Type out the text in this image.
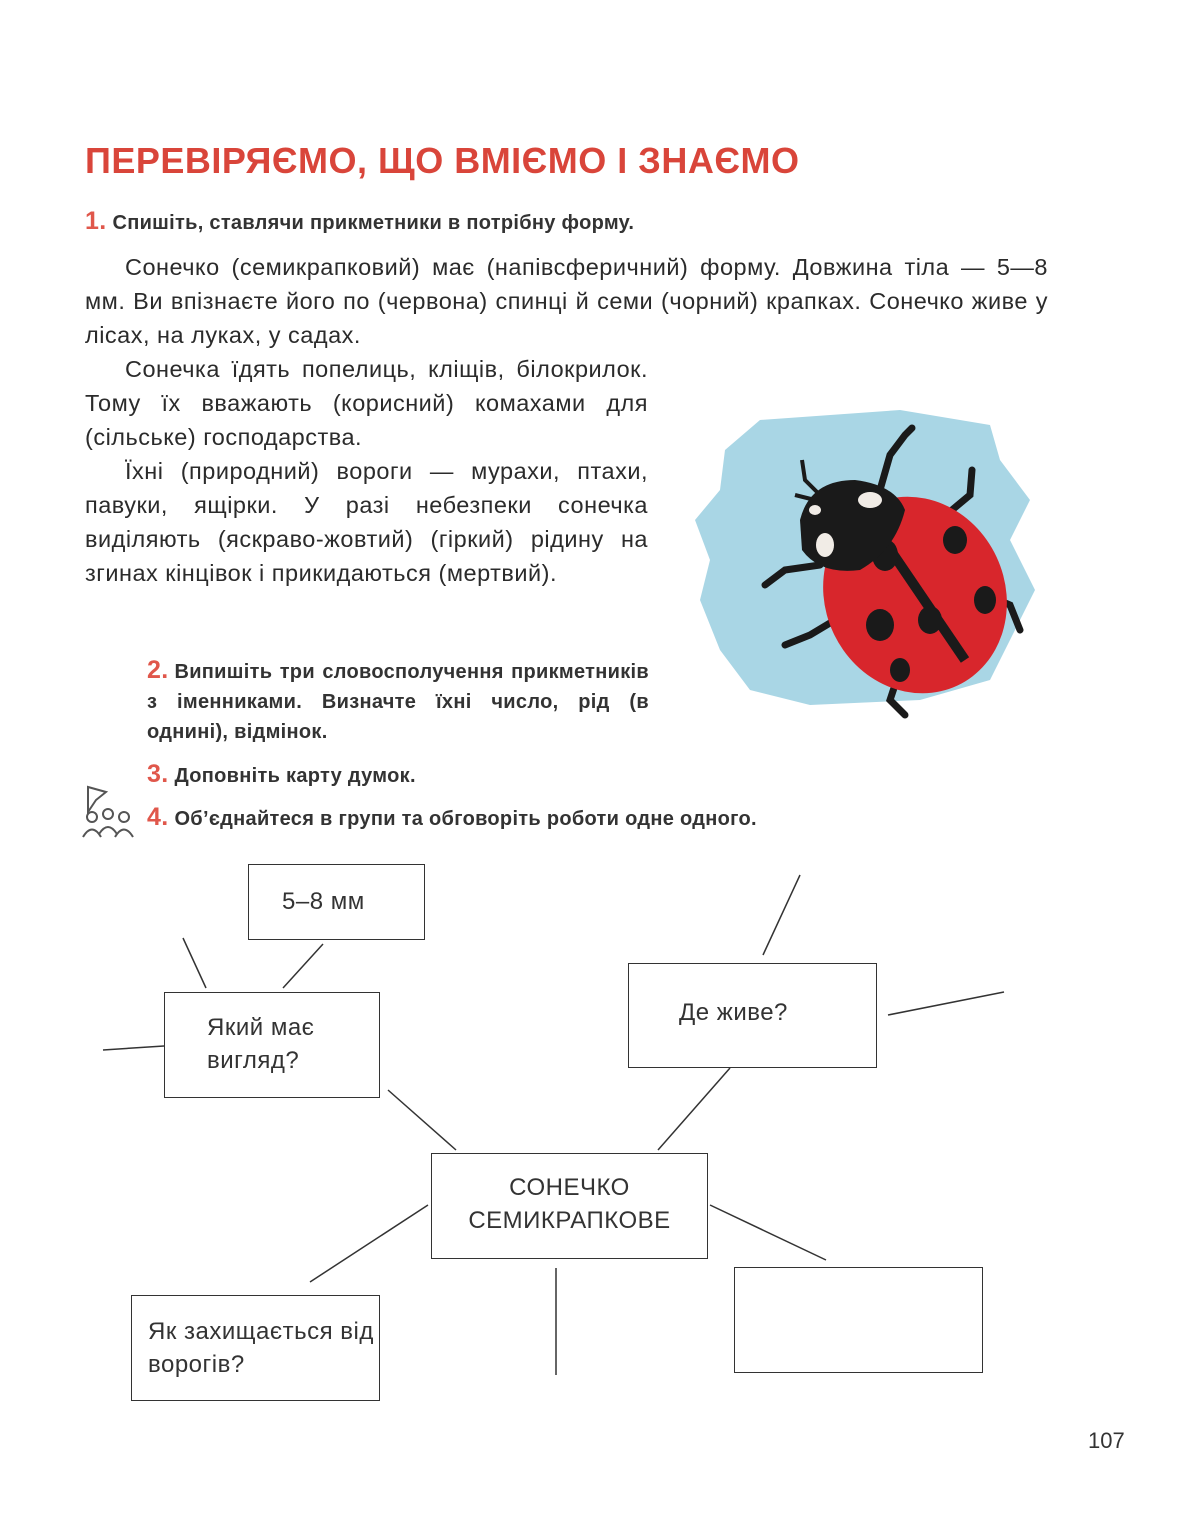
ПЕРЕВІРЯЄМО, ЩО ВМІЄМО І ЗНАЄМО
1. Спишіть, ставлячи прикметники в потрібну форму.

Сонечко (семикрапковий) має (напівсферичний) форму. Довжина тіла — 5—8 мм. Ви впізнаєте його по (червона) спинці й семи (чорний) крапках. Сонечко живе у лісах, на луках, у садах.

Сонечка їдять попелиць, кліщів, білокрилок. Тому їх вважають (корисний) комахами для (сільське) господарства.

Їхні (природний) вороги — мурахи, птахи, павуки, ящірки. У разі небезпеки сонечка виділяють (яскраво-жовтий) (гіркий) рідину на згинах кінцівок і прикидаються (мертвий).

2. Випишіть три словосполучення прикметників з іменниками. Визначте їхні число, рід (в однині), відмінок.
3. Доповніть карту думок.
4. Об’єднайтеся в групи та обговоріть роботи одне одного.
5–8 мм
Який має вигляд?
Де живе?
СОНЕЧКО СЕМИКРАПКОВЕ
Як захищається від ворогів?
107
